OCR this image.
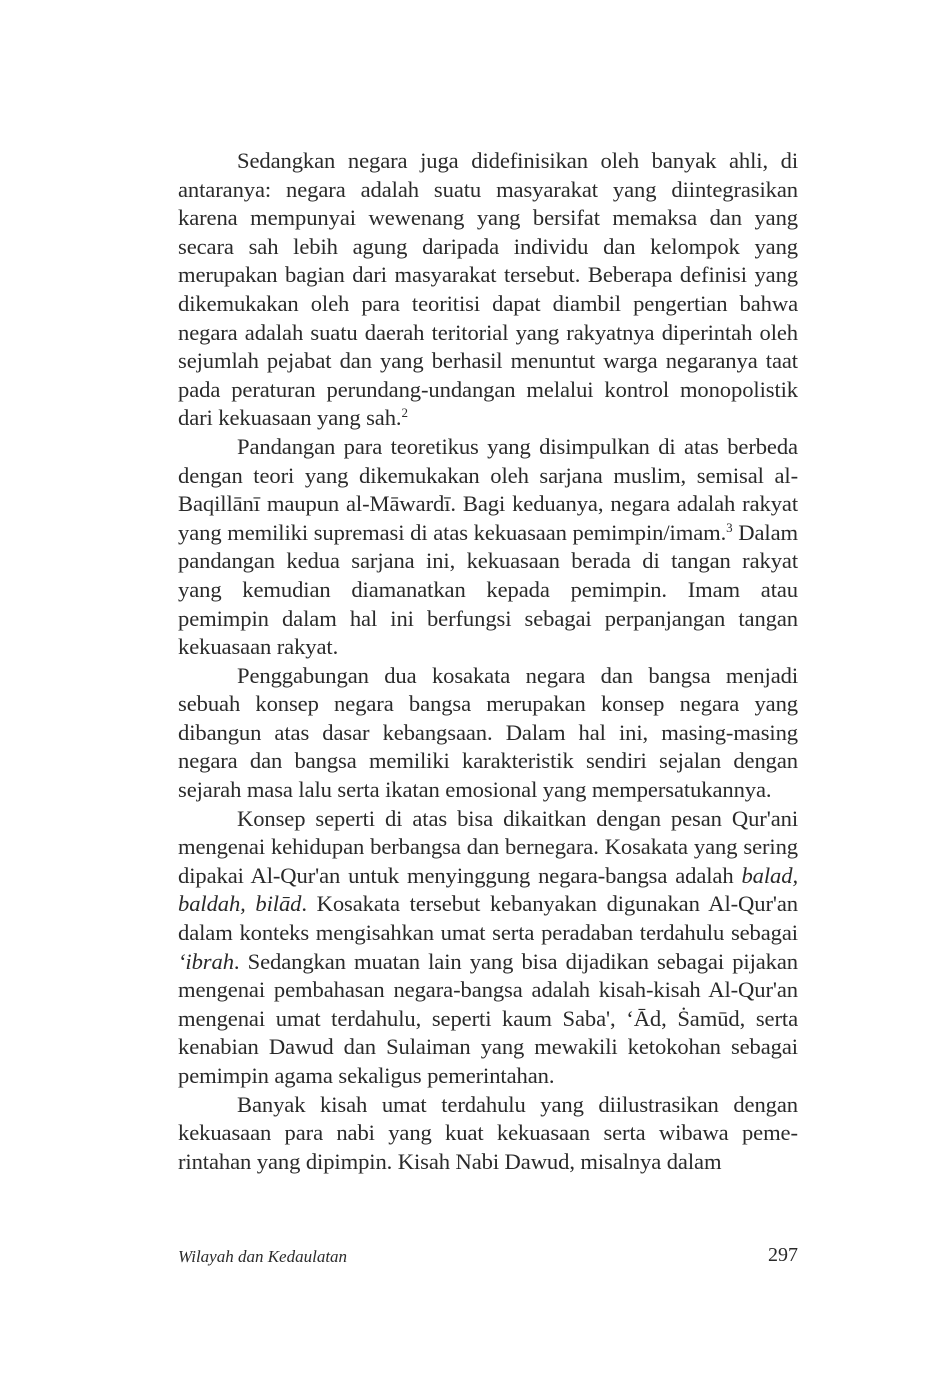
Sedangkan negara juga didefinisikan oleh banyak ahli, di antaranya: negara adalah suatu masyarakat yang diintegrasikan karena mempunyai wewenang yang bersifat memaksa dan yang secara sah lebih agung daripada individu dan kelompok yang merupakan bagian dari masyarakat tersebut. Beberapa definisi yang dikemukakan oleh para teoritisi dapat diambil pengertian bahwa negara adalah suatu daerah teritorial yang rakyatnya diperintah oleh sejumlah pejabat dan yang berhasil menuntut warga negaranya taat pada peraturan perundang-undangan melalui kontrol monopolistik dari kekuasaan yang sah.$^2$

Pandangan para teoretikus yang disimpulkan di atas berbeda dengan teori yang dikemukakan oleh sarjana muslim, semisal al-Baqillānī maupun al-Māwardī. Bagi keduanya, negara adalah rakyat yang memiliki supremasi di atas kekuasaan pemimpin/imam.$^3$ Dalam pandangan kedua sarjana ini, kekuasaan berada di tangan rakyat yang kemudian diamanatkan kepada pemimpin. Imam atau pemimpin dalam hal ini berfungsi sebagai perpanjangan tangan kekuasaan rakyat.

Penggabungan dua kosakata negara dan bangsa menjadi sebuah konsep negara bangsa merupakan konsep negara yang dibangun atas dasar kebangsaan. Dalam hal ini, masing-masing negara dan bangsa memiliki karakteristik sendiri sejalan dengan sejarah masa lalu serta ikatan emosional yang mempersatukannya.

Konsep seperti di atas bisa dikaitkan dengan pesan Qur'ani mengenai kehidupan berbangsa dan bernegara. Kosakata yang sering dipakai Al-Qur'an untuk menyinggung negara-bangsa adalah balad, baldah, bilād. Kosakata tersebut kebanyakan digunakan Al-Qur'an dalam konteks mengisahkan umat serta peradaban terdahulu sebagai ‘ibrah. Sedangkan muatan lain yang bisa dijadikan sebagai pijakan mengenai pembahasan negara-bangsa adalah kisah-kisah Al-Qur'an mengenai umat terdahulu, seperti kaum Saba', ‘Ād, Ṡamūd, serta kenabian Dawud dan Sulaiman yang mewakili ketokohan sebagai pemimpin agama sekaligus pemerintahan.

Banyak kisah umat terdahulu yang diilustrasikan dengan kekuasaan para nabi yang kuat kekuasaan serta wibawa pemerintahan yang dipimpin. Kisah Nabi Dawud, misalnya dalam

Wilayah dan Kedaulatan	297
